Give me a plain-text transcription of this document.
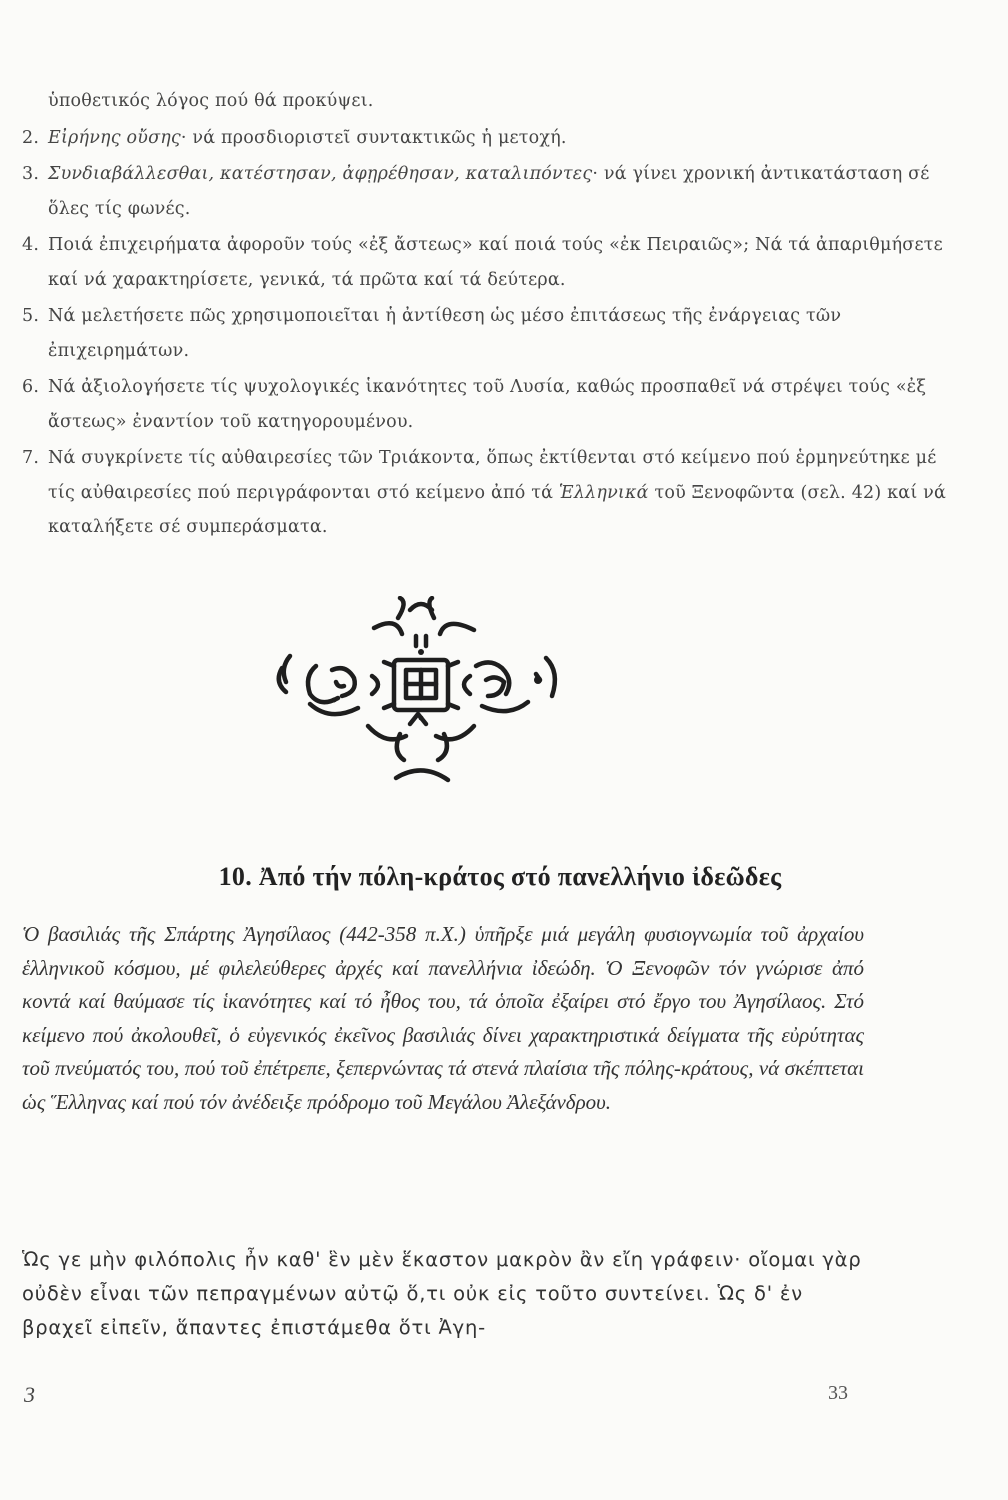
ὑποθετικός λόγος πού θά προκύψει.

2. Εἰρήνης οὔσης· νά προσδιοριστεῖ συντακτικῶς ἡ μετοχή.

3. Συνδιαβάλλεσθαι, κατέστησαν, ἀφῃρέθησαν, καταλιπόντες· νά γίνει χρονική ἀντικατάσταση σέ ὅλες τίς φωνές.

4. Ποιά ἐπιχειρήματα ἀφοροῦν τούς «ἐξ ἄστεως» καί ποιά τούς «ἐκ Πειραιῶς»; Νά τά ἀπαριθμήσετε καί νά χαρακτηρίσετε, γενικά, τά πρῶτα καί τά δεύτερα.

5. Νά μελετήσετε πῶς χρησιμοποιεῖται ἡ ἀντίθεση ὡς μέσο ἐπιτάσεως τῆς ἐνάργειας τῶν ἐπιχειρημάτων.

6. Νά ἀξιολογήσετε τίς ψυχολογικές ἱκανότητες τοῦ Λυσία, καθώς προσπαθεῖ νά στρέψει τούς «ἐξ ἄστεως» ἐναντίον τοῦ κατηγορουμένου.

7. Νά συγκρίνετε τίς αὐθαιρεσίες τῶν Τριάκοντα, ὅπως ἐκτίθενται στό κείμενο πού ἑρμηνεύτηκε μέ τίς αὐθαιρεσίες πού περιγράφονται στό κείμενο ἀπό τά Ἑλληνικά τοῦ Ξενοφῶντα (σελ. 42) καί νά καταλήξετε σέ συμπεράσματα.

10. Ἀπό τήν πόλη-κράτος στό πανελλήνιο ἰδεῶδες
Ὁ βασιλιάς τῆς Σπάρτης Ἀγησίλαος (442-358 π.Χ.) ὑπῆρξε μιά μεγάλη φυσιογνωμία τοῦ ἀρχαίου ἑλληνικοῦ κόσμου, μέ φιλελεύθερες ἀρχές καί πανελλήνια ἰδεώδη. Ὁ Ξενοφῶν τόν γνώρισε ἀπό κοντά καί θαύμασε τίς ἱκανότητες καί τό ἦθος του, τά ὁποῖα ἐξαίρει στό ἔργο του Ἀγησίλαος. Στό κείμενο πού ἀκολουθεῖ, ὁ εὐγενικός ἐκεῖνος βασιλιάς δίνει χαρακτηριστικά δείγματα τῆς εὐρύτητας τοῦ πνεύματός του, πού τοῦ ἐπέτρεπε, ξεπερνώντας τά στενά πλαίσια τῆς πόλης-κράτους, νά σκέπτεται ὡς Ἕλληνας καί πού τόν ἀνέδειξε πρόδρομο τοῦ Μεγάλου Ἀλεξάνδρου.
Ὡς γε μὴν φιλόπολις ἦν καθ' ἓν μὲν ἕκαστον μακρὸν ἂν εἴη γράφειν· οἴομαι γὰρ οὐδὲν εἶναι τῶν πεπραγμένων αὐτῷ ὅ,τι οὐκ εἰς τοῦτο συντείνει. Ὡς δ' ἐν βραχεῖ εἰπεῖν, ἅπαντες ἐπιστάμεθα ὅτι Ἀγη-
3	33
